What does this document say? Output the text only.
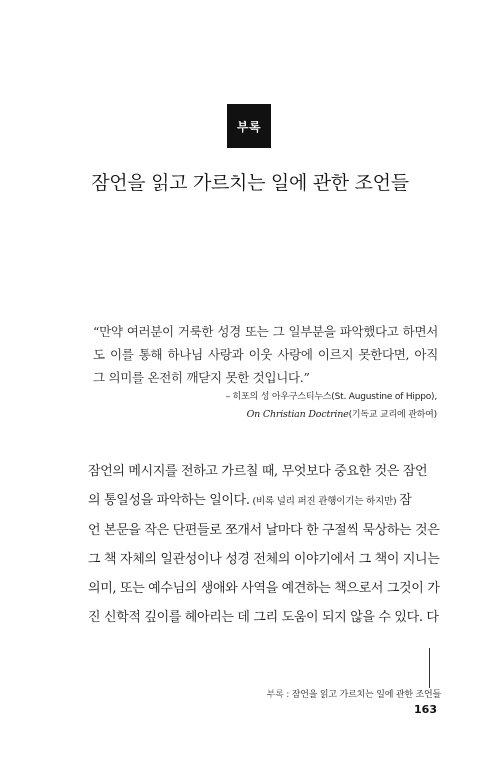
부록
잠언을 읽고 가르치는 일에 관한 조언들
“만약 여러분이 거룩한 성경 또는 그 일부분을 파악했다고 하면서 도 이를 통해 하나님 사랑과 이웃 사랑에 이르지 못한다면, 아직 그 의미를 온전히 깨닫지 못한 것입니다.”
– 히포의 성 아우구스티누스(St. Augustine of Hippo),
On Christian Doctrine(기독교 교리에 관하여)
잠언의 메시지를 전하고 가르칠 때, 무엇보다 중요한 것은 잠언
의 통일성을 파악하는 일이다. (비록 널리 퍼진 관행이기는 하지만) 잠
언 본문을 작은 단편들로 쪼개서 날마다 한 구절씩 묵상하는 것은
그 책 자체의 일관성이나 성경 전체의 이야기에서 그 책이 지니는
의미, 또는 예수님의 생애와 사역을 예견하는 책으로서 그것이 가
진 신학적 깊이를 헤아리는 데 그리 도움이 되지 않을 수 있다. 다
부록 : 잠언을 읽고 가르치는 일에 관한 조언들
163
